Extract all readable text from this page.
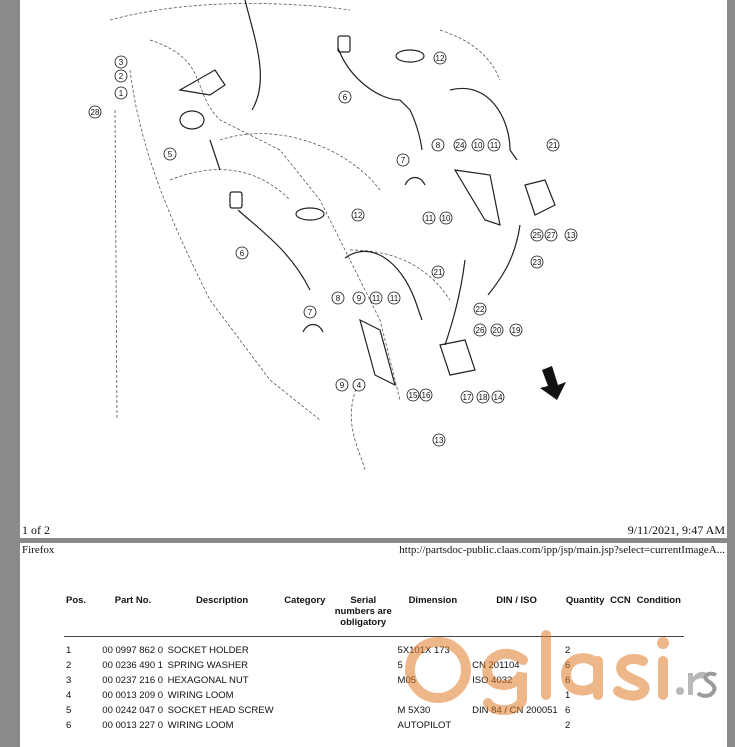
3
2
1
28
5
6
6
12
12
7
8 24 10 11	21
11 10
25 27 13
23
21
22
7
8 9 11 11
26 20 19
9 4
15 16	17 18 14
13
1 of 2	9/11/2021, 9:47 AM
Firefox	http://partsdoc-public.claas.com/ipp/jsp/main.jsp?select=currentImageA...
Pos.	Part No.	Description	Category	Serial numbers are obligatory	Dimension	DIN / ISO	Quantity	CCN	Condition

1	00 0997 862 0	SOCKET HOLDER			5X101X 173		2		
2	00 0236 490 1	SPRING WASHER			5	CN 201104	6		
3	00 0237 216 0	HEXAGONAL NUT			M05	ISO 4032	6		
4	00 0013 209 0	WIRING LOOM					1		
5	00 0242 047 0	SOCKET HEAD SCREW			M 5X30	DIN 84 / CN 200051	6		
6	00 0013 227 0	WIRING LOOM			AUTOPILOT		2		
